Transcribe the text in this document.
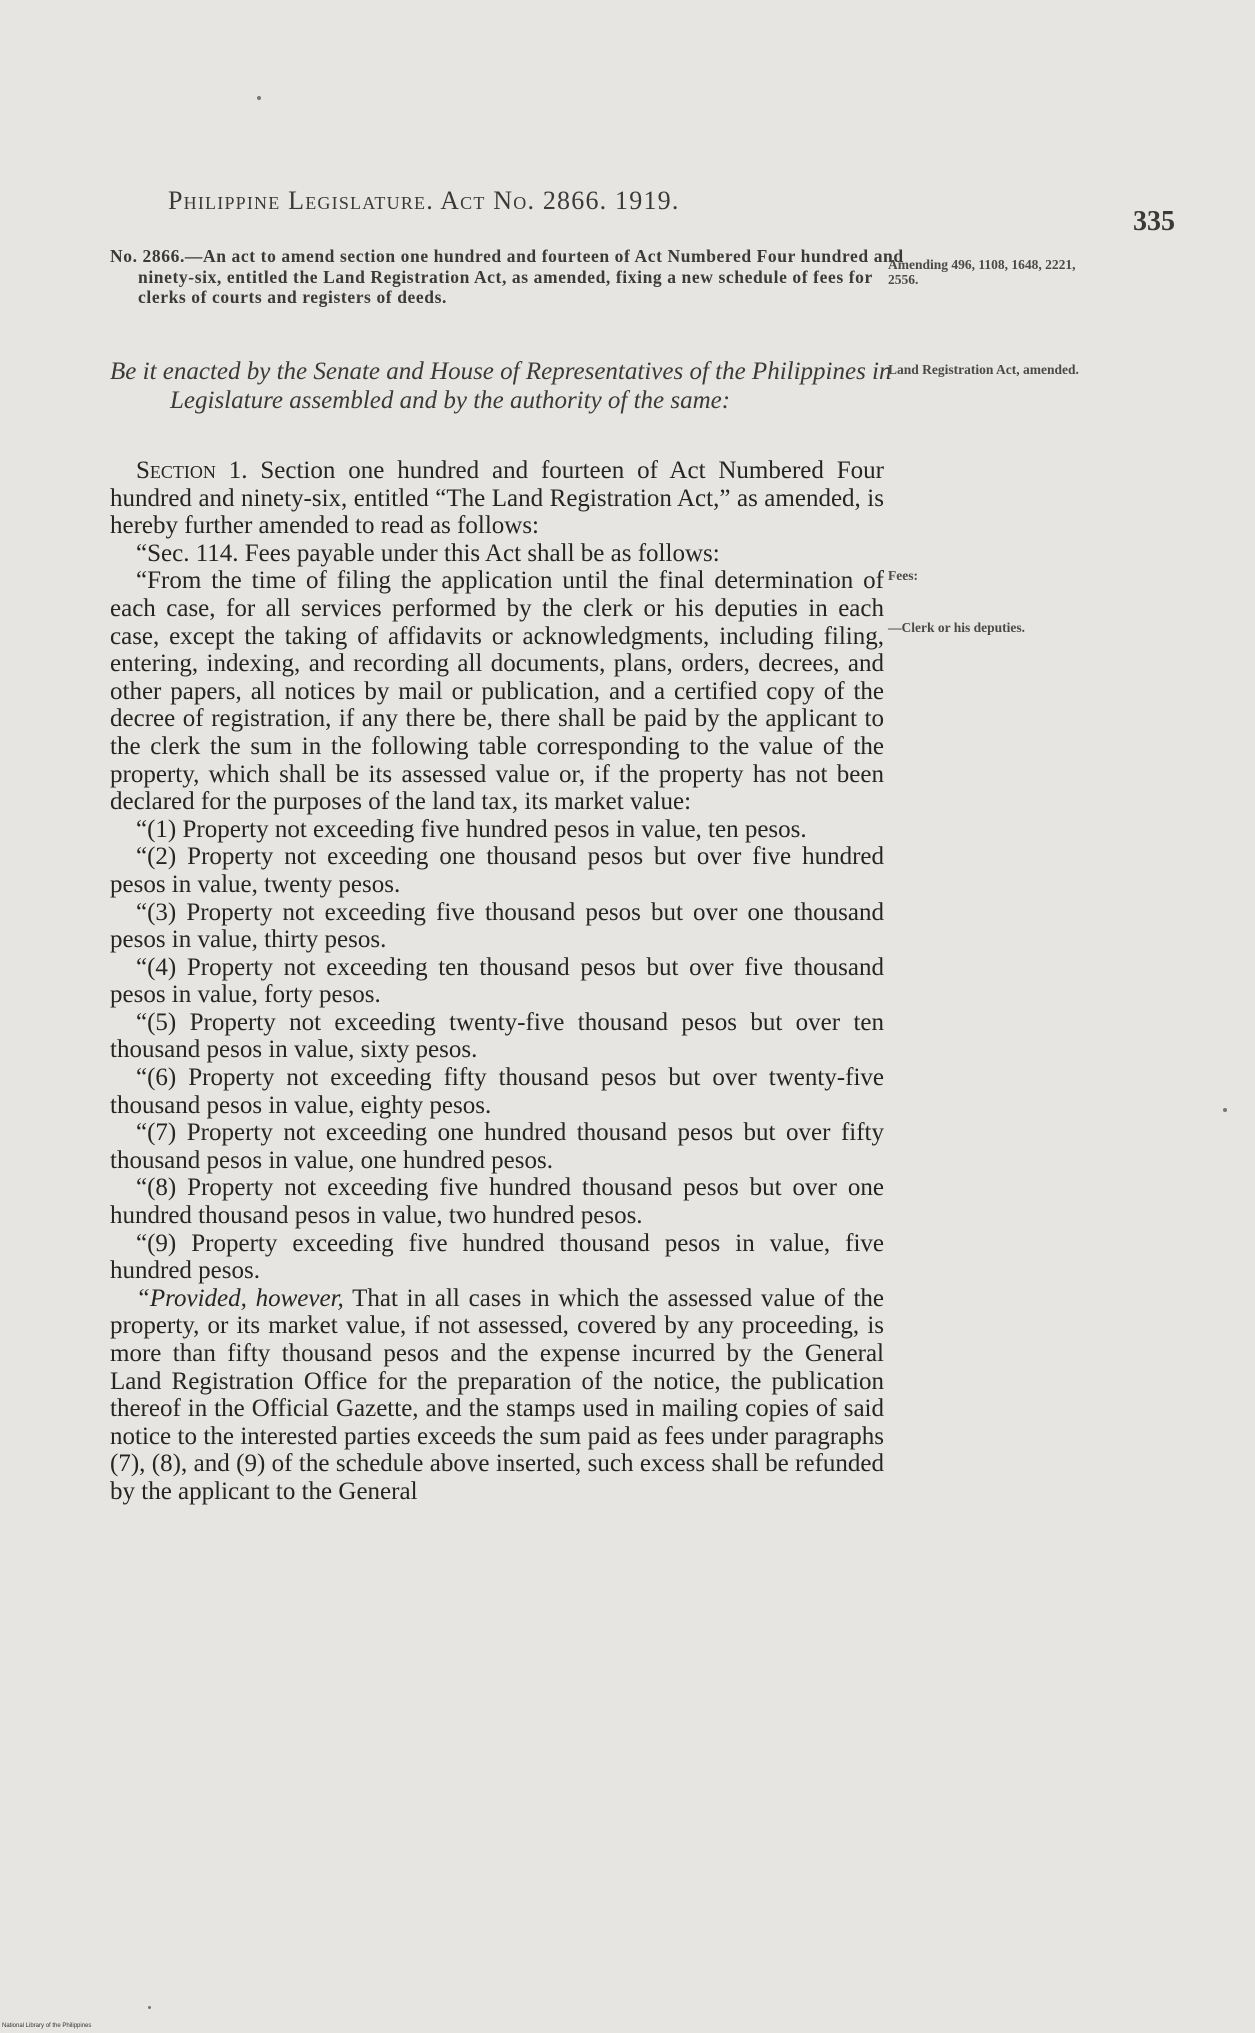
Philippine Legislature. Act No. 2866. 1919.
335
No. 2866.—An act to amend section one hundred and fourteen of Act Numbered Four hundred and ninety-six, entitled the Land Registration Act, as amended, fixing a new schedule of fees for clerks of courts and registers of deeds.
Amending 496, 1108, 1648, 2221, 2556.
Be it enacted by the Senate and House of Representatives of the Philippines in Legislature assembled and by the authority of the same:
Land Registration Act, amended.

Section 1. Section one hundred and fourteen of Act Numbered Four hundred and ninety-six, entitled “The Land Registration Act,” as amended, is hereby further amended to read as follows:

“Sec. 114. Fees payable under this Act shall be as follows:

“From the time of filing the application until the final determination of each case, for all services performed by the clerk or his deputies in each case, except the taking of affidavits or acknowledgments, including filing, entering, indexing, and recording all documents, plans, orders, decrees, and other papers, all notices by mail or publication, and a certified copy of the decree of registration, if any there be, there shall be paid by the applicant to the clerk the sum in the following table corresponding to the value of the property, which shall be its assessed value or, if the property has not been declared for the purposes of the land tax, its market value:

“(1) Property not exceeding five hundred pesos in value, ten pesos.

“(2) Property not exceeding one thousand pesos but over five hundred pesos in value, twenty pesos.

“(3) Property not exceeding five thousand pesos but over one thousand pesos in value, thirty pesos.

“(4) Property not exceeding ten thousand pesos but over five thousand pesos in value, forty pesos.

“(5) Property not exceeding twenty-five thousand pesos but over ten thousand pesos in value, sixty pesos.

“(6) Property not exceeding fifty thousand pesos but over twenty-five thousand pesos in value, eighty pesos.

“(7) Property not exceeding one hundred thousand pesos but over fifty thousand pesos in value, one hundred pesos.

“(8) Property not exceeding five hundred thousand pesos but over one hundred thousand pesos in value, two hundred pesos.

“(9) Property exceeding five hundred thousand pesos in value, five hundred pesos.

“Provided, however, That in all cases in which the assessed value of the property, or its market value, if not assessed, covered by any proceeding, is more than fifty thousand pesos and the expense incurred by the General Land Registration Office for the preparation of the notice, the publication thereof in the Official Gazette, and the stamps used in mailing copies of said notice to the interested parties exceeds the sum paid as fees under paragraphs (7), (8), and (9) of the schedule above inserted, such excess shall be refunded by the applicant to the General

Fees:
—Clerk or his deputies.
National Library of the Philippines
